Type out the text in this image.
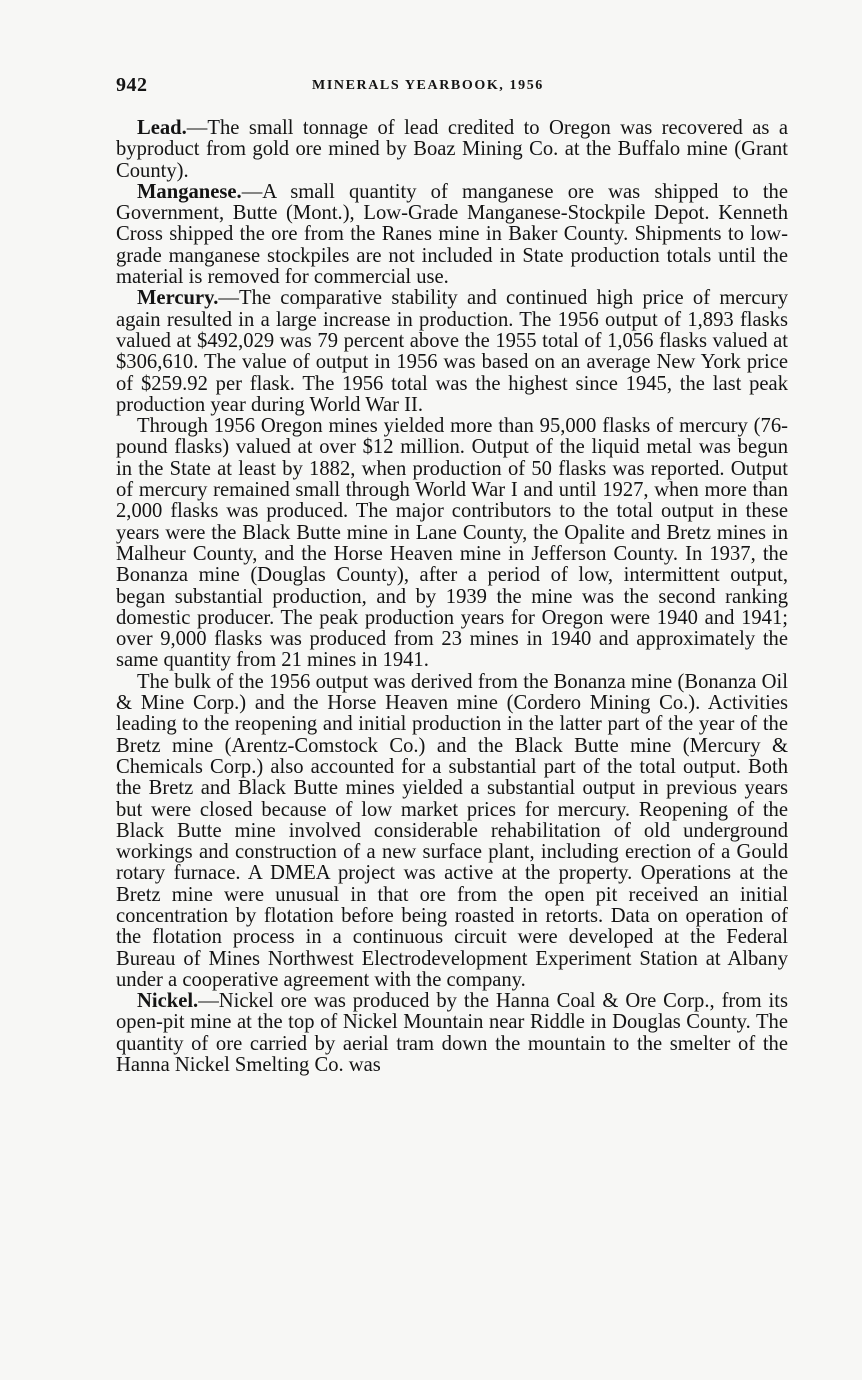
942	MINERALS YEARBOOK, 1956

Lead.—The small tonnage of lead credited to Oregon was recovered as a byproduct from gold ore mined by Boaz Mining Co. at the Buffalo mine (Grant County).

Manganese.—A small quantity of manganese ore was shipped to the Government, Butte (Mont.), Low-Grade Manganese-Stockpile Depot. Kenneth Cross shipped the ore from the Ranes mine in Baker County. Shipments to low-grade manganese stockpiles are not included in State production totals until the material is removed for commercial use.

Mercury.—The comparative stability and continued high price of mercury again resulted in a large increase in production. The 1956 output of 1,893 flasks valued at $492,029 was 79 percent above the 1955 total of 1,056 flasks valued at $306,610. The value of output in 1956 was based on an average New York price of $259.92 per flask. The 1956 total was the highest since 1945, the last peak production year during World War II.

Through 1956 Oregon mines yielded more than 95,000 flasks of mercury (76-pound flasks) valued at over $12 million. Output of the liquid metal was begun in the State at least by 1882, when production of 50 flasks was reported. Output of mercury remained small through World War I and until 1927, when more than 2,000 flasks was produced. The major contributors to the total output in these years were the Black Butte mine in Lane County, the Opalite and Bretz mines in Malheur County, and the Horse Heaven mine in Jefferson County. In 1937, the Bonanza mine (Douglas County), after a period of low, intermittent output, began substantial production, and by 1939 the mine was the second ranking domestic producer. The peak production years for Oregon were 1940 and 1941; over 9,000 flasks was produced from 23 mines in 1940 and approximately the same quantity from 21 mines in 1941.

The bulk of the 1956 output was derived from the Bonanza mine (Bonanza Oil & Mine Corp.) and the Horse Heaven mine (Cordero Mining Co.). Activities leading to the reopening and initial production in the latter part of the year of the Bretz mine (Arentz-Comstock Co.) and the Black Butte mine (Mercury & Chemicals Corp.) also accounted for a substantial part of the total output. Both the Bretz and Black Butte mines yielded a substantial output in previous years but were closed because of low market prices for mercury. Reopening of the Black Butte mine involved considerable rehabilitation of old underground workings and construction of a new surface plant, including erection of a Gould rotary furnace. A DMEA project was active at the property. Operations at the Bretz mine were unusual in that ore from the open pit received an initial concentration by flotation before being roasted in retorts. Data on operation of the flotation process in a continuous circuit were developed at the Federal Bureau of Mines Northwest Electrodevelopment Experiment Station at Albany under a cooperative agreement with the company.

Nickel.—Nickel ore was produced by the Hanna Coal & Ore Corp., from its open-pit mine at the top of Nickel Mountain near Riddle in Douglas County. The quantity of ore carried by aerial tram down the mountain to the smelter of the Hanna Nickel Smelting Co. was
